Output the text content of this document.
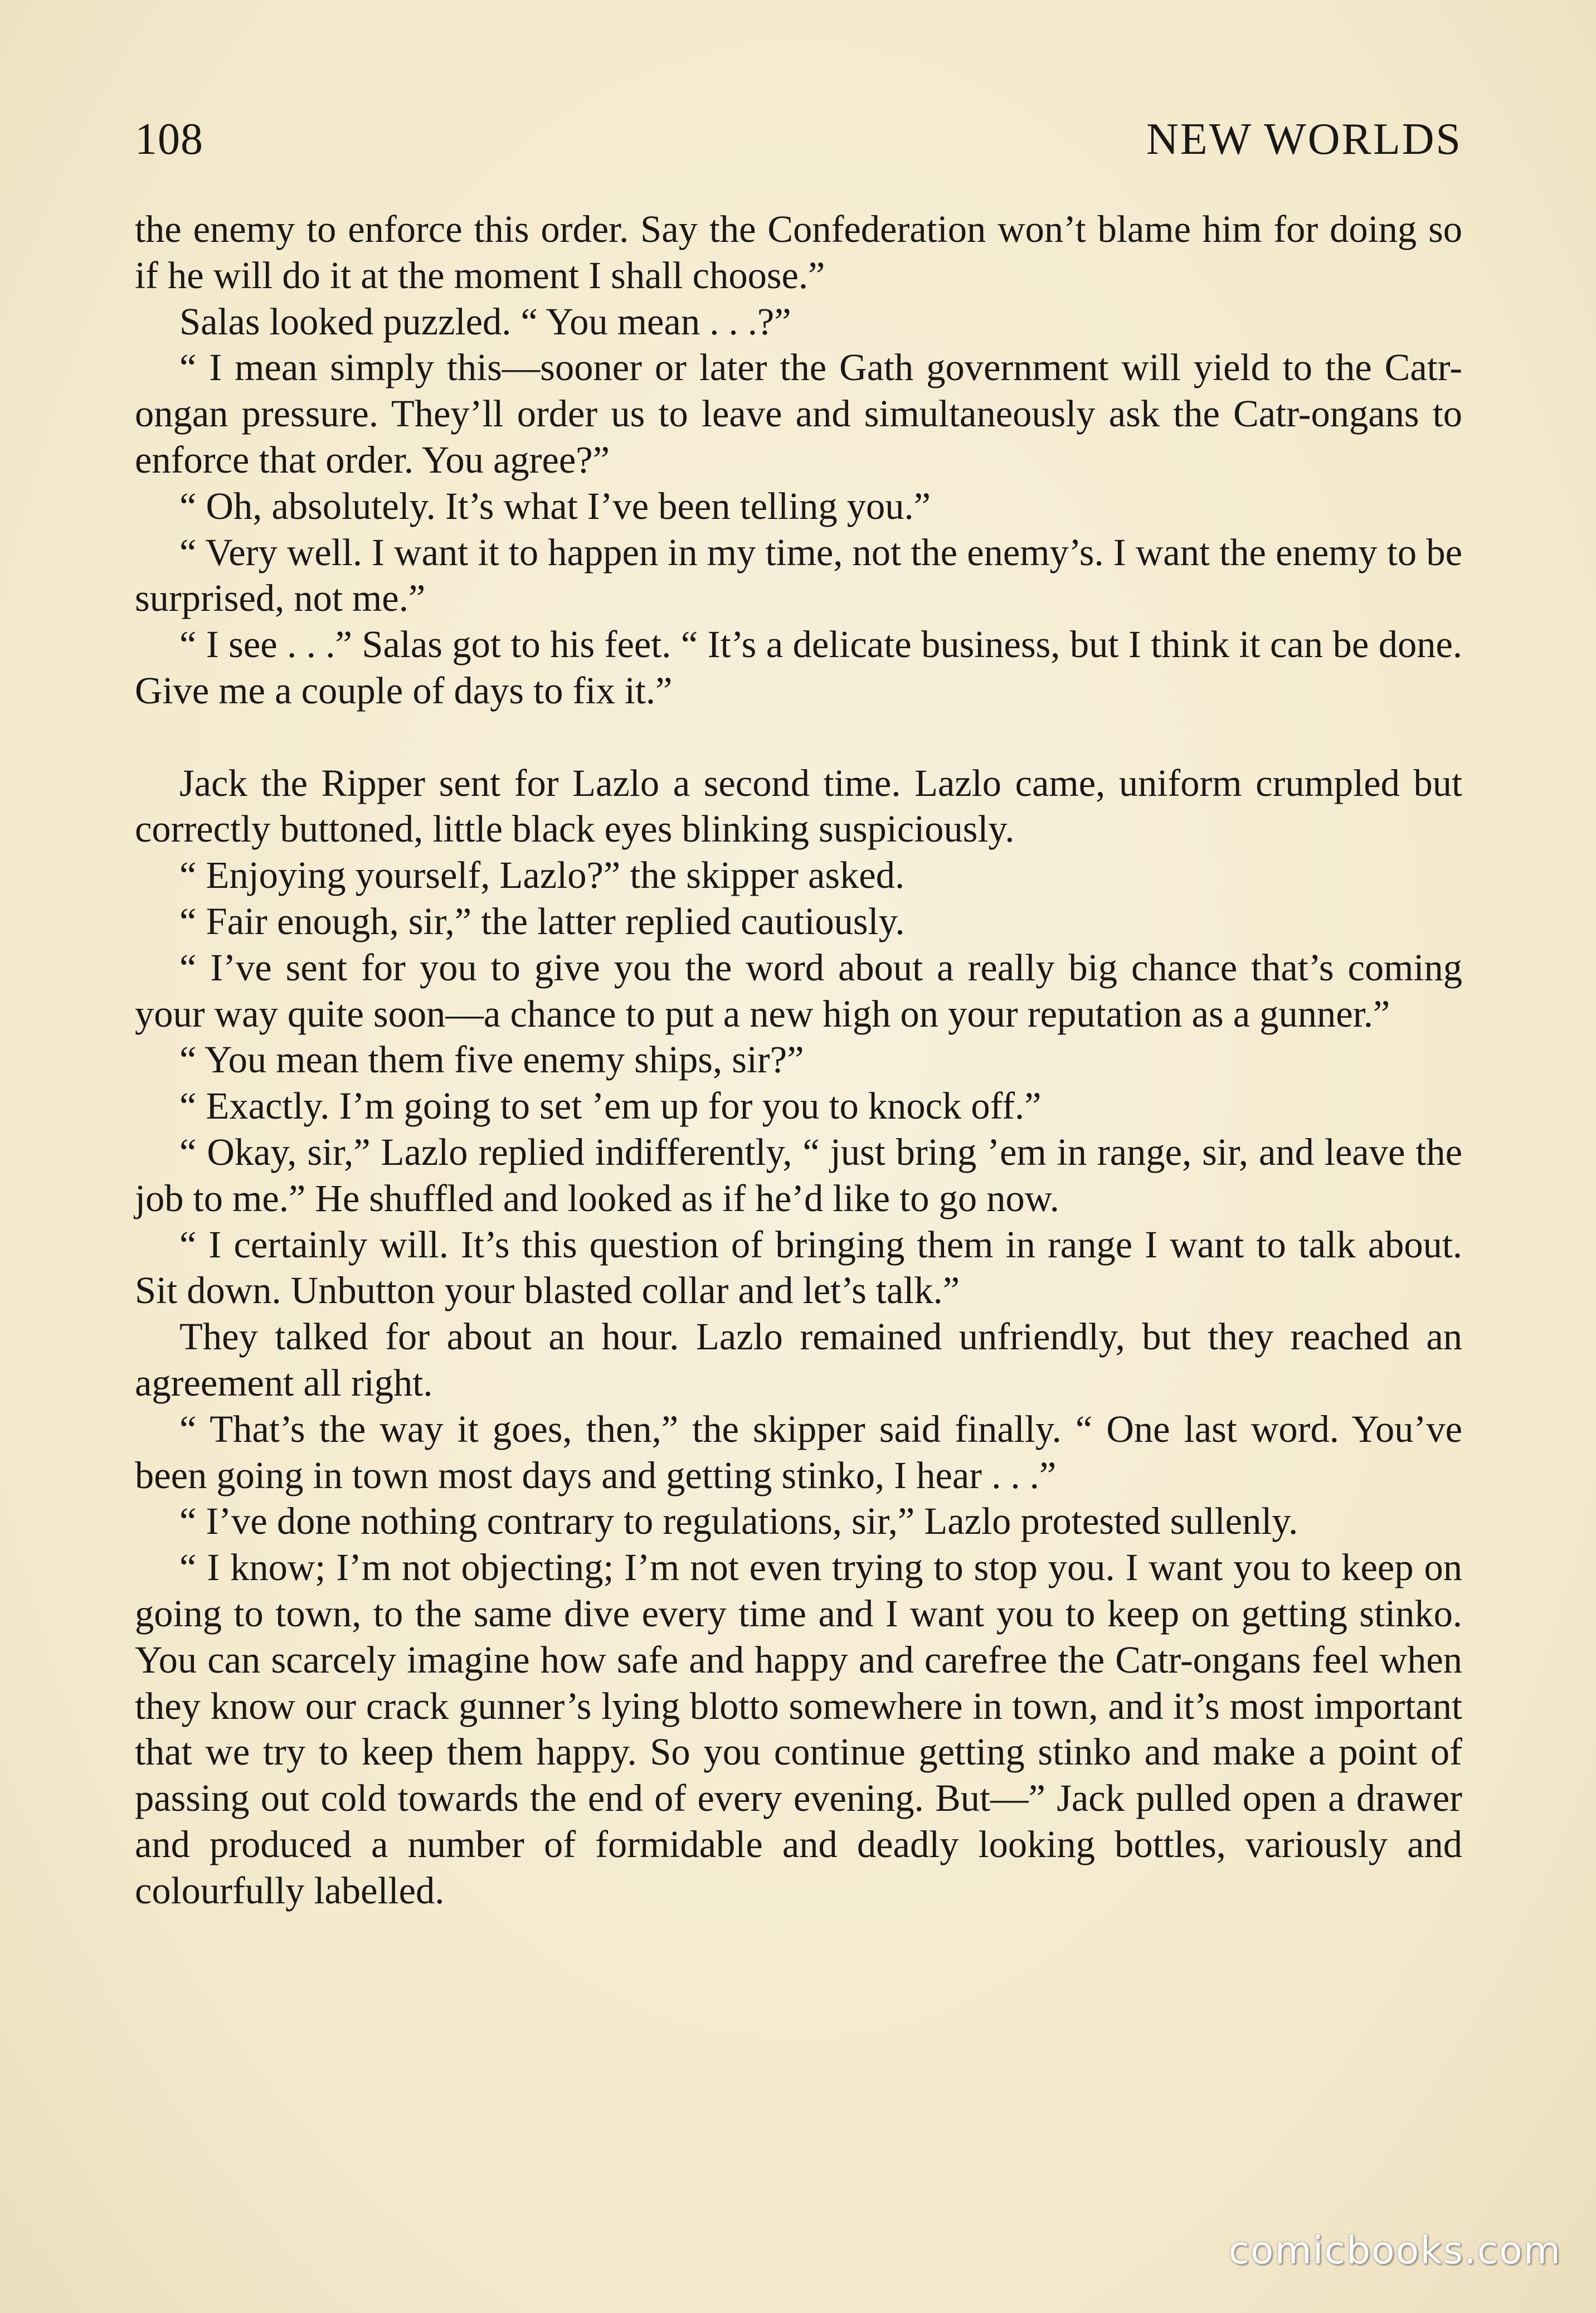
108	NEW WORLDS

the enemy to enforce this order. Say the Confederation won’t blame him for doing so if he will do it at the moment I shall choose.”

Salas looked puzzled. “ You mean . . .?”

“ I mean simply this—sooner or later the Gath government will yield to the Catr-ongan pressure. They’ll order us to leave and simultaneously ask the Catr-ongans to enforce that order. You agree?”

“ Oh, absolutely. It’s what I’ve been telling you.”

“ Very well. I want it to happen in my time, not the enemy’s. I want the enemy to be surprised, not me.”

“ I see . . .” Salas got to his feet. “ It’s a delicate business, but I think it can be done. Give me a couple of days to fix it.”

Jack the Ripper sent for Lazlo a second time. Lazlo came, uniform crumpled but correctly buttoned, little black eyes blinking suspiciously.

“ Enjoying yourself, Lazlo?” the skipper asked.

“ Fair enough, sir,” the latter replied cautiously.

“ I’ve sent for you to give you the word about a really big chance that’s coming your way quite soon—a chance to put a new high on your reputation as a gunner.”

“ You mean them five enemy ships, sir?”

“ Exactly. I’m going to set ’em up for you to knock off.”

“ Okay, sir,” Lazlo replied indifferently, “ just bring ’em in range, sir, and leave the job to me.” He shuffled and looked as if he’d like to go now.

“ I certainly will. It’s this question of bringing them in range I want to talk about. Sit down. Unbutton your blasted collar and let’s talk.”

They talked for about an hour. Lazlo remained unfriendly, but they reached an agreement all right.

“ That’s the way it goes, then,” the skipper said finally. “ One last word. You’ve been going in town most days and getting stinko, I hear . . .”

“ I’ve done nothing contrary to regulations, sir,” Lazlo protested sullenly.

“ I know; I’m not objecting; I’m not even trying to stop you. I want you to keep on going to town, to the same dive every time and I want you to keep on getting stinko. You can scarcely imagine how safe and happy and carefree the Catr-ongans feel when they know our crack gunner’s lying blotto somewhere in town, and it’s most important that we try to keep them happy. So you continue getting stinko and make a point of passing out cold towards the end of every evening. But—” Jack pulled open a drawer and produced a number of formidable and deadly looking bottles, variously and colourfully labelled.

comicbooks.com
